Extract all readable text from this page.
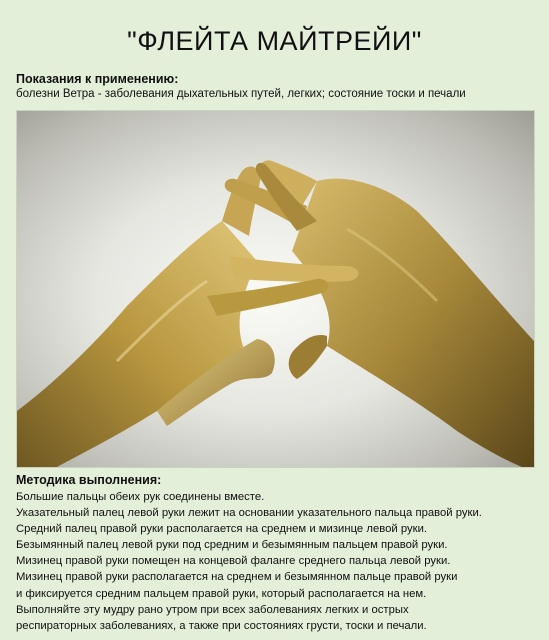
"ФЛЕЙТА МАЙТРЕЙИ"
Показания к применению:
болезни Ветра - заболевания дыхательных путей, легких; состояние тоски и печали
Методика выполнения:
Большие пальцы обеих рук соединены вместе.
Указательный палец левой руки лежит на основании указательного пальца правой руки.
Средний палец правой руки располагается на среднем и мизинце левой руки.
Безымянный палец левой руки под средним и безымянным пальцем правой руки.
Мизинец правой руки помещен на концевой фаланге среднего пальца левой руки.
Мизинец правой руки располагается на среднем и безымянном пальце правой руки
и фиксируется средним пальцем правой руки, который располагается на нем.
Выполняйте эту мудру рано утром при всех заболеваниях легких и острых
респираторных заболеваниях, а также при состояниях грусти, тоски и печали.
